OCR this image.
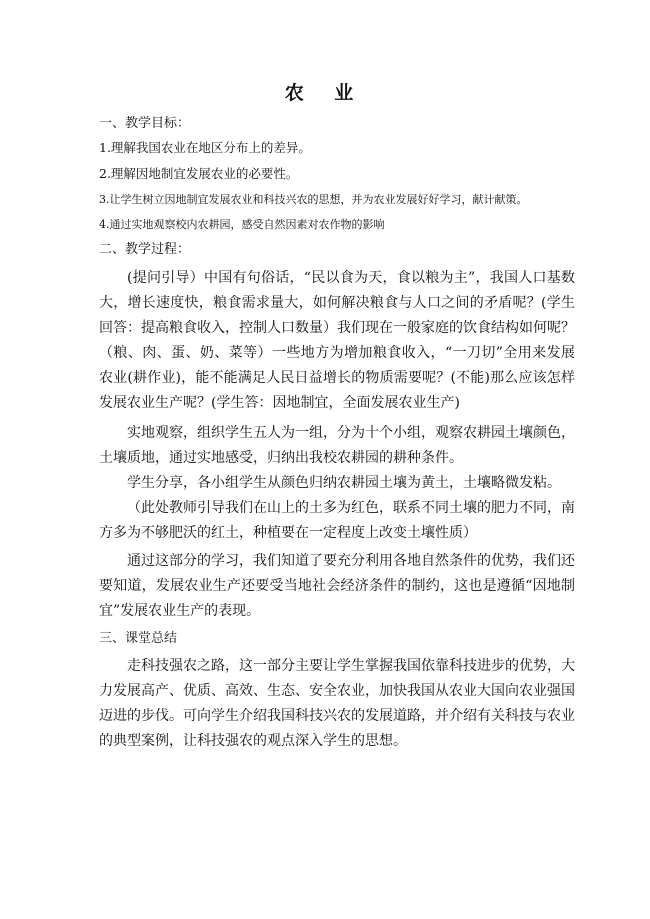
农 业

一、教学目标：

1.理解我国农业在地区分布上的差异。

2.理解因地制宜发展农业的必要性。

3.让学生树立因地制宜发展农业和科技兴农的思想，并为农业发展好好学习，献计献策。

4.通过实地观察校内农耕园，感受自然因素对农作物的影响

二、教学过程：

(提问引导）中国有句俗话，“民以食为天，食以粮为主”，我国人口基数大，增长速度快，粮食需求量大，如何解决粮食与人口之间的矛盾呢？(学生回答：提高粮食收入，控制人口数量）我们现在一般家庭的饮食结构如何呢？（粮、肉、蛋、奶、菜等）一些地方为增加粮食收入，“一刀切”全用来发展农业(耕作业)，能不能满足人民日益增长的物质需要呢？(不能)那么应该怎样发展农业生产呢？(学生答：因地制宜，全面发展农业生产)

实地观察，组织学生五人为一组，分为十个小组，观察农耕园土壤颜色，土壤质地，通过实地感受，归纳出我校农耕园的耕种条件。

学生分享，各小组学生从颜色归纳农耕园土壤为黄土，土壤略微发粘。

（此处教师引导我们在山上的土多为红色，联系不同土壤的肥力不同，南方多为不够肥沃的红土，种植要在一定程度上改变土壤性质）

通过这部分的学习，我们知道了要充分利用各地自然条件的优势，我们还要知道，发展农业生产还要受当地社会经济条件的制约，这也是遵循“因地制宜”发展农业生产的表现。

三、课堂总结

走科技强农之路，这一部分主要让学生掌握我国依靠科技进步的优势，大力发展高产、优质、高效、生态、安全农业，加快我国从农业大国向农业强国迈进的步伐。可向学生介绍我国科技兴农的发展道路，并介绍有关科技与农业的典型案例，让科技强农的观点深入学生的思想。
